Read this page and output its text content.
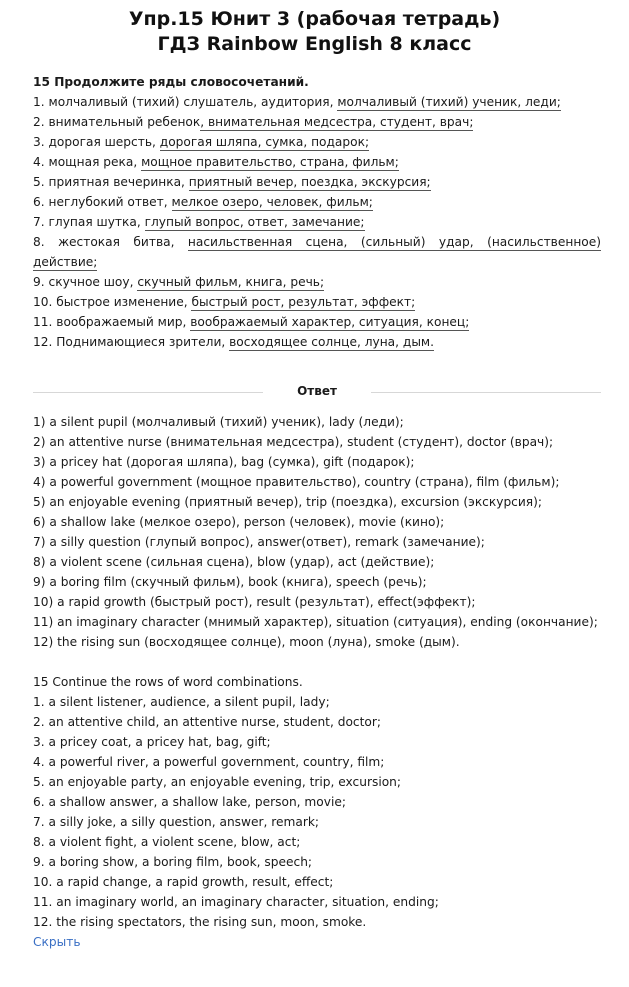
Упр.15 Юнит 3 (рабочая тетрадь)
ГДЗ Rainbow English 8 класс
15 Продолжите ряды словосочетаний.
1. молчаливый (тихий) слушатель, аудитория, молчаливый (тихий) ученик, леди;
2. внимательный ребенок, внимательная медсестра, студент, врач;
3. дорогая шерсть, дорогая шляпа, сумка, подарок;
4. мощная река, мощное правительство, страна, фильм;
5. приятная вечеринка, приятный вечер, поездка, экскурсия;
6. неглубокий ответ, мелкое озеро, человек, фильм;
7. глупая шутка, глупый вопрос, ответ, замечание;
8. жестокая битва, насильственная сцена, (сильный) удар, (насильственное) действие;
9. скучное шоу, скучный фильм, книга, речь;
10. быстрое изменение, быстрый рост, результат, эффект;
11. воображаемый мир, воображаемый характер, ситуация, конец;
12. Поднимающиеся зрители, восходящее солнце, луна, дым.
Ответ
1) a silent pupil (молчаливый (тихий) ученик), lady (леди);
2) an attentive nurse (внимательная медсестра), student (студент), doctor (врач);
3) a pricey hat (дорогая шляпа), bag (сумка), gift (подарок);
4) a powerful government (мощное правительство), country (страна), film (фильм);
5) an enjoyable evening (приятный вечер), trip (поездка), excursion (экскурсия);
6) a shallow lake (мелкое озеро), person (человек), movie (кино);
7) a silly question (глупый вопрос), answer(ответ), remark (замечание);
8) a violent scene (сильная сцена), blow (удар), act (действие);
9) a boring film (скучный фильм), book (книга), speech (речь);
10) a rapid growth (быстрый рост), result (результат), effect(эффект);
11) an imaginary character (мнимый характер), situation (ситуация), ending (окончание);
12) the rising sun (восходящее солнце), moon (луна), smoke (дым).
15 Continue the rows of word combinations.
1. a silent listener, audience, a silent pupil, lady;
2. an attentive child, an attentive nurse, student, doctor;
3. a pricey coat, a pricey hat, bag, gift;
4. a powerful river, a powerful government, country, film;
5. an enjoyable party, an enjoyable evening, trip, excursion;
6. a shallow answer, a shallow lake, person, movie;
7. a silly joke, a silly question, answer, remark;
8. a violent fight, a violent scene, blow, act;
9. a boring show, a boring film, book, speech;
10. a rapid change, a rapid growth, result, effect;
11. an imaginary world, an imaginary character, situation, ending;
12. the rising spectators, the rising sun, moon, smoke.
Скрыть
